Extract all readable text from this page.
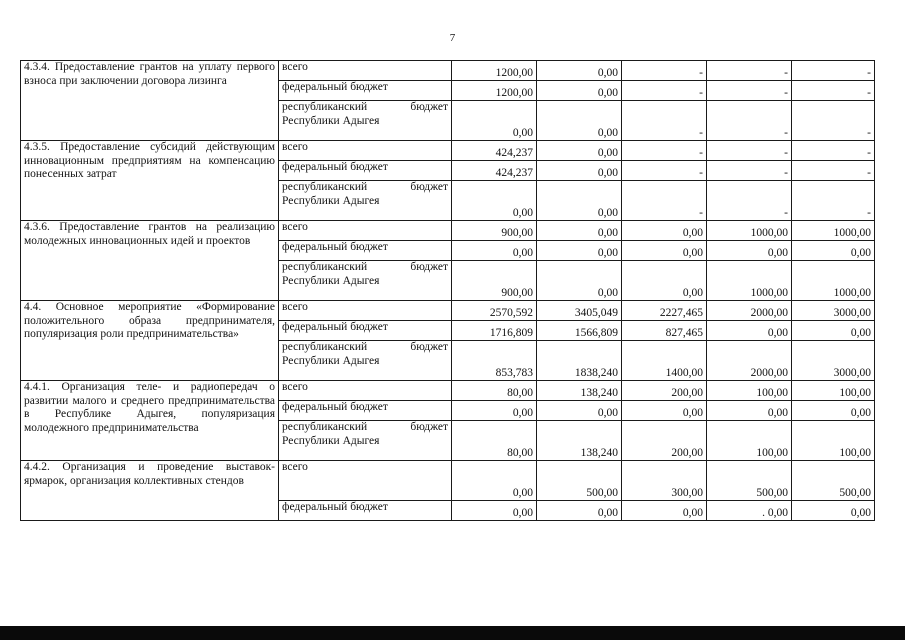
7
4.3.4. Предоставление грантов на уплату первого взноса при заключении договора лизинга	всего	1200,00	0,00	-	-	-
	федеральный бюджет	1200,00	0,00	-	-	-
	республиканский бюджет Республики Адыгея	0,00	0,00	-	-	-
4.3.5. Предоставление субсидий действующим инновационным предприятиям на компенсацию понесенных затрат	всего	424,237	0,00	-	-	-
	федеральный бюджет	424,237	0,00	-	-	-
	республиканский бюджет Республики Адыгея	0,00	0,00	-	-	-
4.3.6. Предоставление грантов на реализацию молодежных инновационных идей и проектов	всего	900,00	0,00	0,00	1000,00	1000,00
	федеральный бюджет	0,00	0,00	0,00	0,00	0,00
	республиканский бюджет Республики Адыгея	900,00	0,00	0,00	1000,00	1000,00
4.4. Основное мероприятие «Формирование положительного образа предпринимателя, популяризация роли предпринимательства»	всего	2570,592	3405,049	2227,465	2000,00	3000,00
	федеральный бюджет	1716,809	1566,809	827,465	0,00	0,00
	республиканский бюджет Республики Адыгея	853,783	1838,240	1400,00	2000,00	3000,00
4.4.1. Организация теле- и радиопередач о развитии малого и среднего предпринимательства в Республике Адыгея, популяризация молодежного предпринимательства	всего	80,00	138,240	200,00	100,00	100,00
	федеральный бюджет	0,00	0,00	0,00	0,00	0,00
	республиканский бюджет Республики Адыгея	80,00	138,240	200,00	100,00	100,00
4.4.2. Организация и проведение выставок-ярмарок, организация коллективных стендов	всего	0,00	500,00	300,00	500,00	500,00
	федеральный бюджет	0,00	0,00	0,00	. 0,00	0,00
